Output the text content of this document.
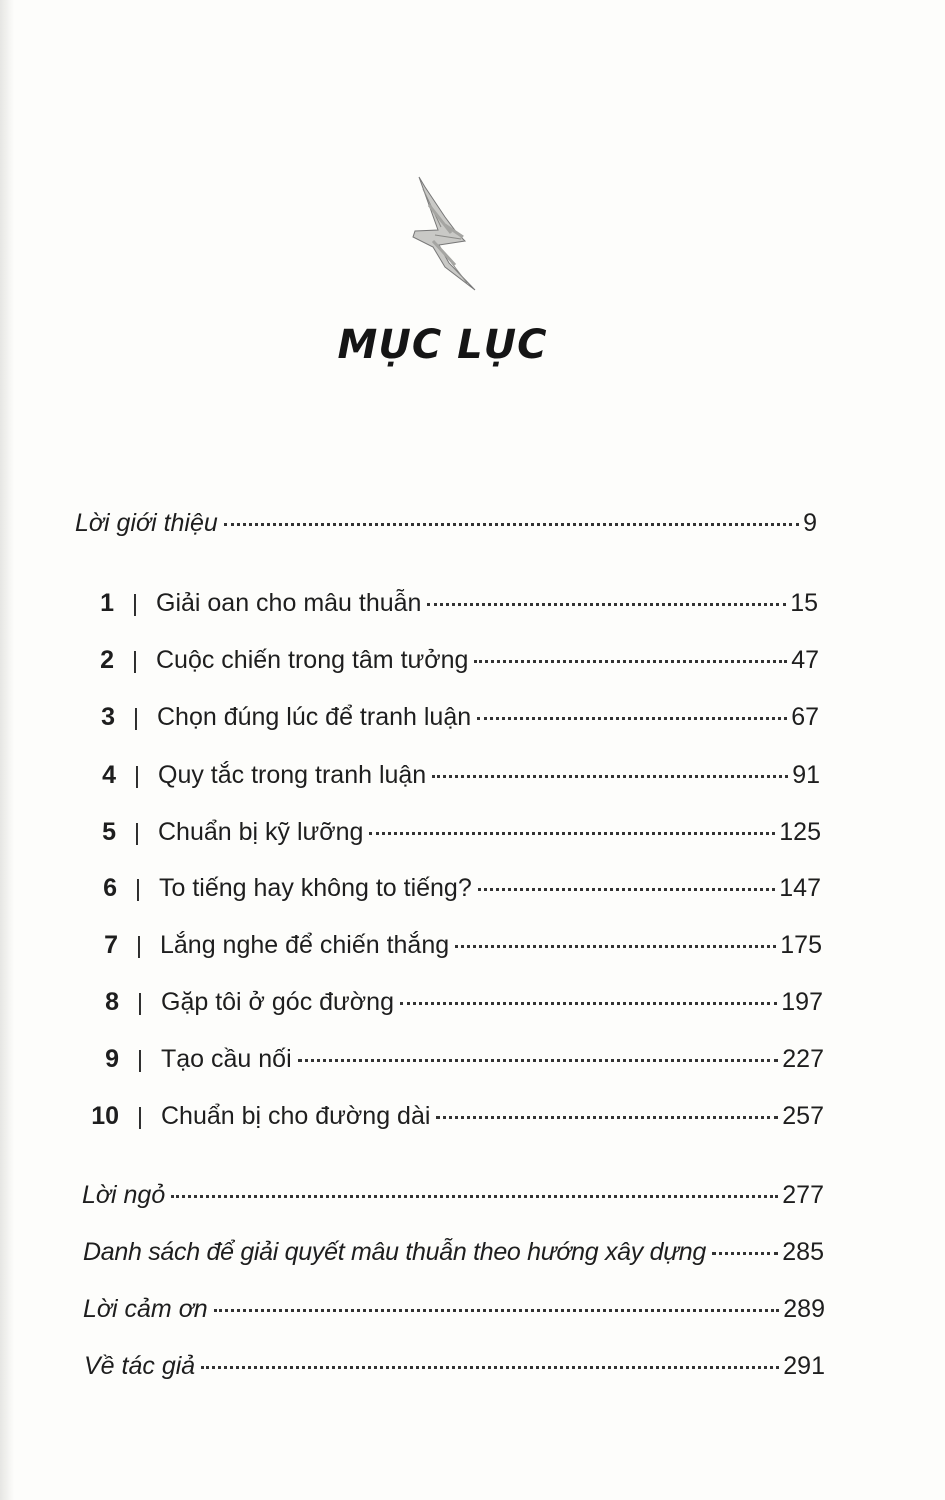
MỤC LỤC
Lời giới thiệu	9
1 | Giải oan cho mâu thuẫn	15
2 | Cuộc chiến trong tâm tưởng	47
3 | Chọn đúng lúc để tranh luận	67
4 | Quy tắc trong tranh luận	91
5 | Chuẩn bị kỹ lưỡng	125
6 | To tiếng hay không to tiếng?	147
7 | Lắng nghe để chiến thắng	175
8 | Gặp tôi ở góc đường	197
9 | Tạo cầu nối	227
10 | Chuẩn bị cho đường dài	257
Lời ngỏ	277
Danh sách để giải quyết mâu thuẫn theo hướng xây dựng	285
Lời cảm ơn	289
Về tác giả	291
